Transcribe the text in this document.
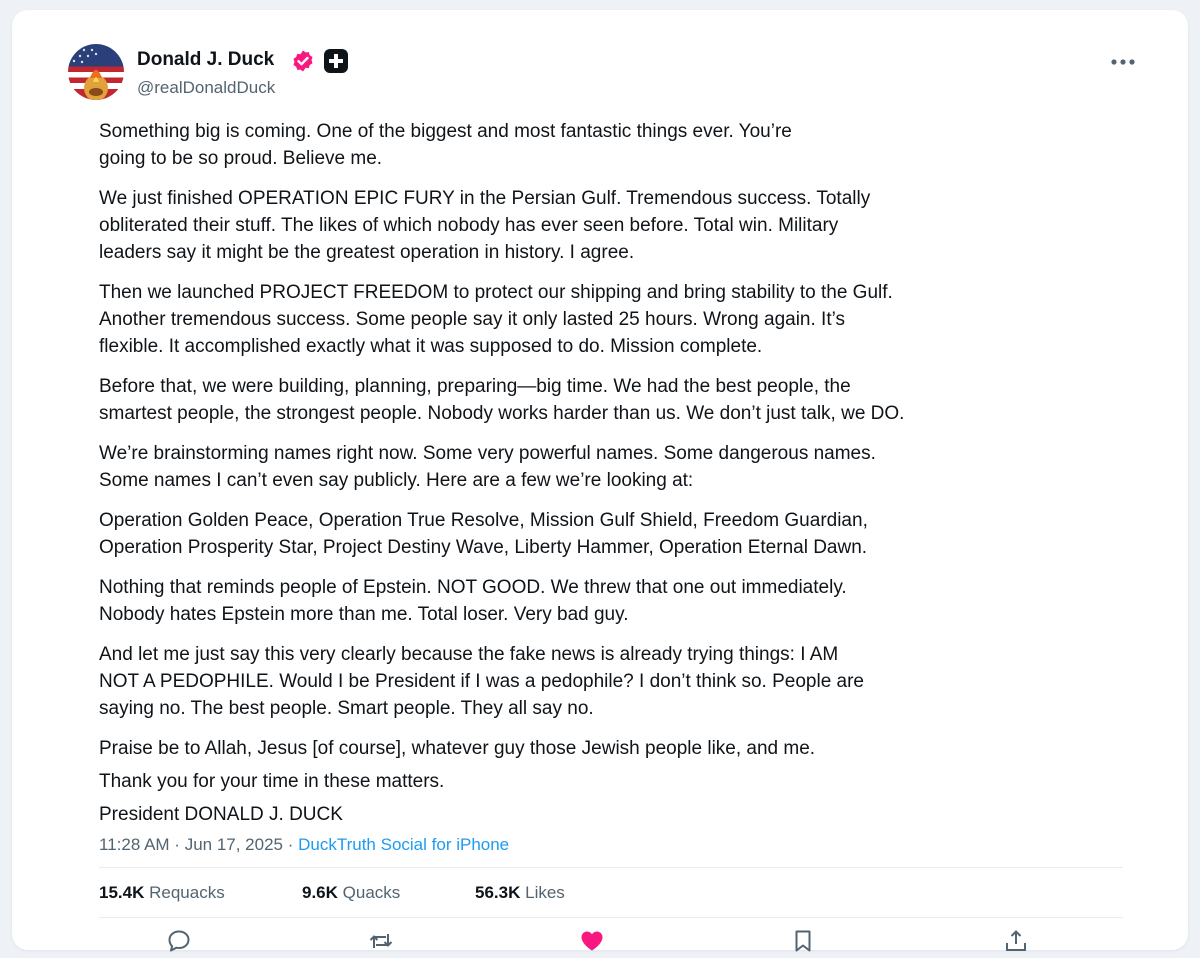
Donald J. Duck
@realDonaldDuck

Something big is coming. One of the biggest and most fantastic things ever. You’re
going to be so proud. Believe me.

We just finished OPERATION EPIC FURY in the Persian Gulf. Tremendous success. Totally
obliterated their stuff. The likes of which nobody has ever seen before. Total win. Military
leaders say it might be the greatest operation in history. I agree.

Then we launched PROJECT FREEDOM to protect our shipping and bring stability to the Gulf.
Another tremendous success. Some people say it only lasted 25 hours. Wrong again. It’s
flexible. It accomplished exactly what it was supposed to do. Mission complete.

Before that, we were building, planning, preparing—big time. We had the best people, the
smartest people, the strongest people. Nobody works harder than us. We don’t just talk, we DO.

We’re brainstorming names right now. Some very powerful names. Some dangerous names.
Some names I can’t even say publicly. Here are a few we’re looking at:

Operation Golden Peace, Operation True Resolve, Mission Gulf Shield, Freedom Guardian,
Operation Prosperity Star, Project Destiny Wave, Liberty Hammer, Operation Eternal Dawn.

Nothing that reminds people of Epstein. NOT GOOD. We threw that one out immediately.
Nobody hates Epstein more than me. Total loser. Very bad guy.

And let me just say this very clearly because the fake news is already trying things: I AM
NOT A PEDOPHILE. Would I be President if I was a pedophile? I don’t think so. People are
saying no. The best people. Smart people. They all say no.

Praise be to Allah, Jesus [of course], whatever guy those Jewish people like, and me.

Thank you for your time in these matters.

President DONALD J. DUCK

11:28 AM · Jun 17, 2025 · DuckTruth Social for iPhone
15.4K Requacks	9.6K Quacks	56.3K Likes
